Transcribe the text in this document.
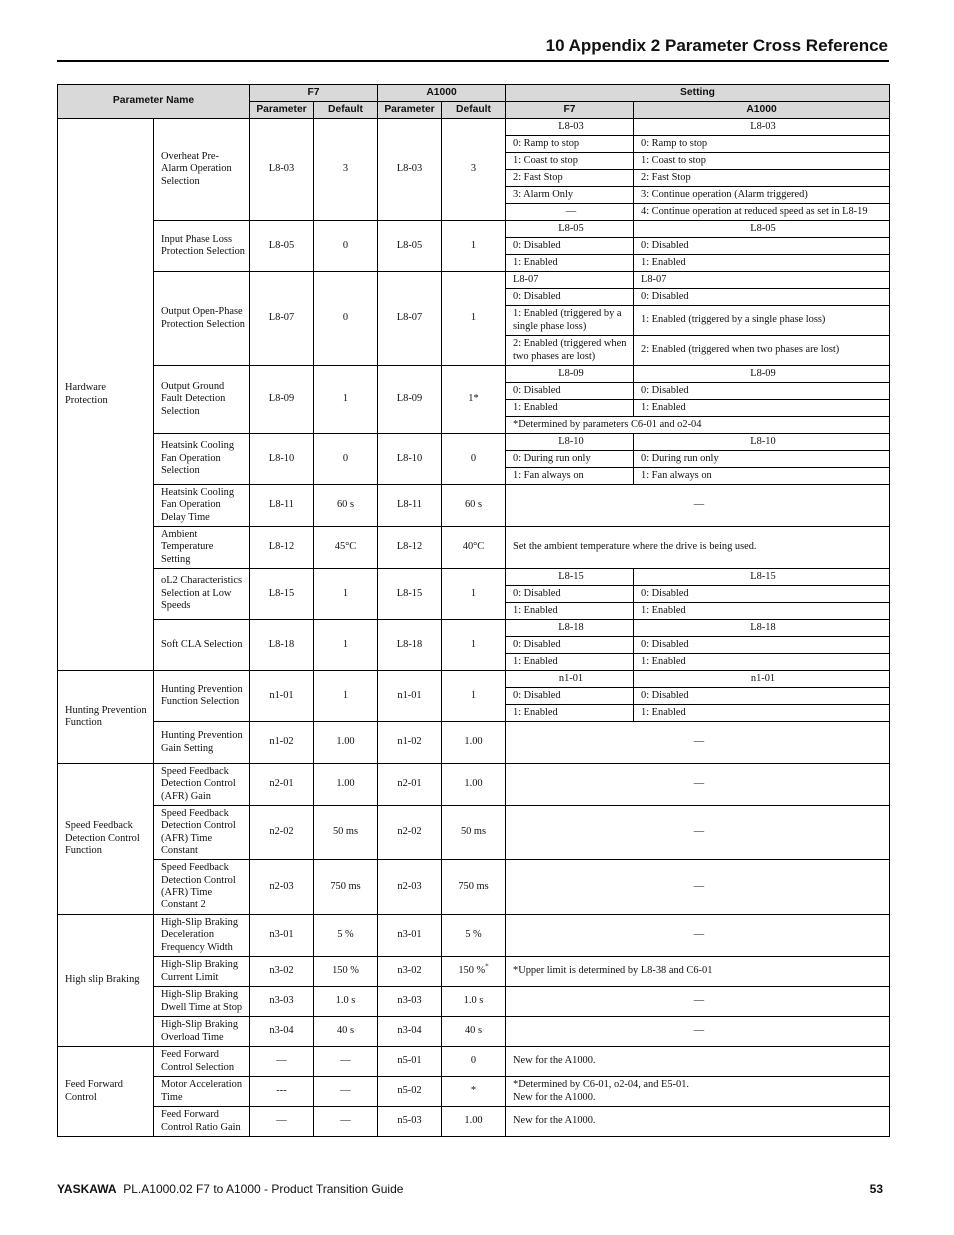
10 Appendix 2 Parameter Cross Reference
Parameter Name		F7		A1000		Setting	
		Parameter	Default	Parameter	Default	F7	A1000
Hardware Protection	Overheat Pre-Alarm Operation Selection	L8-03	3	L8-03	3	L8-03	L8-03
						0: Ramp to stop	0: Ramp to stop
						1: Coast to stop	1: Coast to stop
						2: Fast Stop	2: Fast Stop
						3: Alarm Only	3: Continue operation (Alarm triggered)
						—	4: Continue operation at reduced speed as set in L8-19
	Input Phase Loss Protection Selection	L8-05	0	L8-05	1	L8-05	L8-05
						0: Disabled	0: Disabled
						1: Enabled	1: Enabled
	Output Open-Phase Protection Selection	L8-07	0	L8-07	1	L8-07	L8-07
						0: Disabled	0: Disabled
						1: Enabled (triggered by a single phase loss)	1: Enabled (triggered by a single phase loss)
						2: Enabled (triggered when two phases are lost)	2: Enabled (triggered when two phases are lost)
	Output Ground Fault Detection Selection	L8-09	1	L8-09	1*	L8-09	L8-09
						0: Disabled	0: Disabled
						1: Enabled	1: Enabled
						*Determined by parameters C6-01 and o2-04	
	Heatsink Cooling Fan Operation Selection	L8-10	0	L8-10	0	L8-10	L8-10
						0: During run only	0: During run only
						1: Fan always on	1: Fan always on
	Heatsink Cooling Fan Operation Delay Time	L8-11	60 s	L8-11	60 s	—	
	Ambient Temperature Setting	L8-12	45°C	L8-12	40°C	Set the ambient temperature where the drive is being used.	
	oL2 Characteristics Selection at Low Speeds	L8-15	1	L8-15	1	L8-15	L8-15
						0: Disabled	0: Disabled
						1: Enabled	1: Enabled
	Soft CLA Selection	L8-18	1	L8-18	1	L8-18	L8-18
						0: Disabled	0: Disabled
						1: Enabled	1: Enabled
Hunting Prevention Function	Hunting Prevention Function Selection	n1-01	1	n1-01	1	n1-01	n1-01
						0: Disabled	0: Disabled
						1: Enabled	1: Enabled
	Hunting Prevention Gain Setting	n1-02	1.00	n1-02	1.00	—	
Speed Feedback Detection Control Function	Speed Feedback Detection Control (AFR) Gain	n2-01	1.00	n2-01	1.00	—	
	Speed Feedback Detection Control (AFR) Time Constant	n2-02	50 ms	n2-02	50 ms	—	
	Speed Feedback Detection Control (AFR) Time Constant 2	n2-03	750 ms	n2-03	750 ms	—	
High slip Braking	High-Slip Braking Deceleration Frequency Width	n3-01	5 %	n3-01	5 %	—	
	High-Slip Braking Current Limit	n3-02	150 %	n3-02	150 %*	*Upper limit is determined by L8-38 and C6-01	
	High-Slip Braking Dwell Time at Stop	n3-03	1.0 s	n3-03	1.0 s	—	
	High-Slip Braking Overload Time	n3-04	40 s	n3-04	40 s	—	
Feed Forward Control	Feed Forward Control Selection	—	—	n5-01	0	New for the A1000.	
	Motor Acceleration Time	---	—	n5-02	*	*Determined by C6-01, o2-04, and E5-01.
New for the A1000.	
	Feed Forward Control Ratio Gain	—	—	n5-03	1.00	New for the A1000.	
YASKAWA PL.A1000.02 F7 to A1000 - Product Transition Guide	53
